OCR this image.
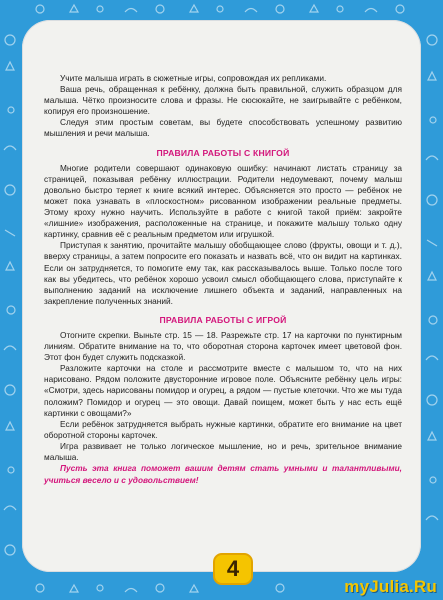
Учите малыша играть в сюжетные игры, сопровождая их репликами.

Ваша речь, обращенная к ребёнку, должна быть правильной, служить образцом для малыша. Чётко произносите слова и фразы. Не сюсюкайте, не заигрывайте с ребёнком, копируя его произношение.

Следуя этим простым советам, вы будете способствовать успешному развитию мышления и речи малыша.

ПРАВИЛА РАБОТЫ С КНИГОЙ

Многие родители совершают одинаковую ошибку: начинают листать страницу за страницей, показывая ребёнку иллюстрации. Родители недоумевают, почему малыш довольно быстро теряет к книге всякий интерес. Объясняется это просто — ребёнок не может пока узнавать в «плоскостном» рисованном изображении реальные предметы. Этому кроху нужно научить. Используйте в работе с книгой такой приём: закройте «лишние» изображения, расположенные на странице, и покажите малышу только одну картинку, сравнив её с реальным предметом или игрушкой.

Приступая к занятию, прочитайте малышу обобщающее слово (фрукты, овощи и т. д.), вверху страницы, а затем попросите его показать и назвать всё, что он видит на картинках. Если он затрудняется, то помогите ему так, как рассказывалось выше. Только после того как вы убедитесь, что ребёнок хорошо усвоил смысл обобщающего слова, приступайте к выполнению заданий на исключение лишнего объекта и заданий, направленных на закрепление полученных знаний.

ПРАВИЛА РАБОТЫ С ИГРОЙ

Отогните скрепки. Выньте стр. 15 — 18. Разрежьте стр. 17 на карточки по пунктирным линиям. Обратите внимание на то, что оборотная сторона карточек имеет цветовой фон. Этот фон будет служить подсказкой.

Разложите карточки на столе и рассмотрите вместе с малышом то, что на них нарисовано. Рядом положите двусторонние игровое поле. Объясните ребёнку цель игры: «Смотри, здесь нарисованы помидор и огурец, а рядом — пустые клеточки. Что же мы туда положим? Помидор и огурец — это овощи. Давай поищем, может быть у нас есть ещё картинки с овощами?»

Если ребёнок затрудняется выбрать нужные картинки, обратите его внимание на цвет оборотной стороны карточек.

Игра развивает не только логическое мышление, но и речь, зрительное внимание малыша.

Пусть эта книга поможет вашим детям стать умными и талантливыми, учиться весело и с удовольствием!

4
myJulia.Ru
